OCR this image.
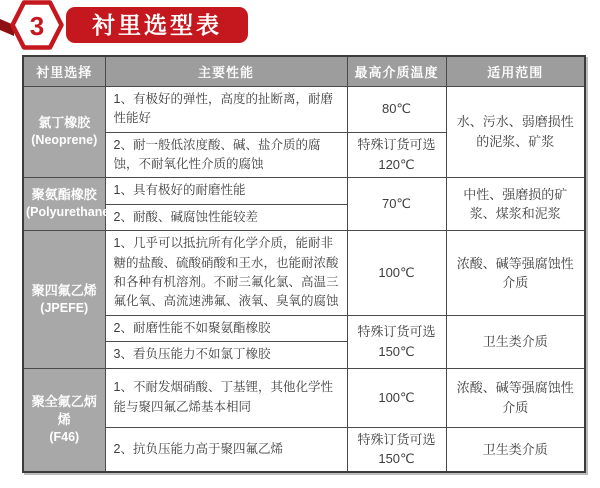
3 衬里选型表
衬里选择	主要性能	最高介质温度	适用范围
氯丁橡胶
(Neoprene)	1、有极好的弹性，高度的扯断离，耐磨性能好	80℃	水、污水、弱磨损性的泥浆、矿浆
	2、耐一般低浓度酸、碱、盐介质的腐蚀，不耐氧化性介质的腐蚀	特殊订货可选120℃	
聚氨酯橡胶
(Polyurethane)	1、具有极好的耐磨性能	70℃	中性、强磨损的矿浆、煤浆和泥浆
	2、耐酸、碱腐蚀性能较差		
聚四氟乙烯
(JPEFE)	1、几乎可以抵抗所有化学介质，能耐非糖的盐酸、硫酸硝酸和王水，也能耐浓酸和各种有机溶剂。不耐三氟化氯、高温三氟化氧、高流速沸氟、液氧、臭氧的腐蚀	100℃	浓酸、碱等强腐蚀性介质
	2、耐磨性能不如聚氨酯橡胶	特殊订货可选150℃	卫生类介质
	3、看负压能力不如氯丁橡胶		
聚全氟乙炳烯
(F46)	1、不耐发烟硝酸、丁基锂，其他化学性能与聚四氟乙烯基本相同	100℃	浓酸、碱等强腐蚀性介质
	2、抗负压能力高于聚四氟乙烯	特殊订货可选150℃	卫生类介质
